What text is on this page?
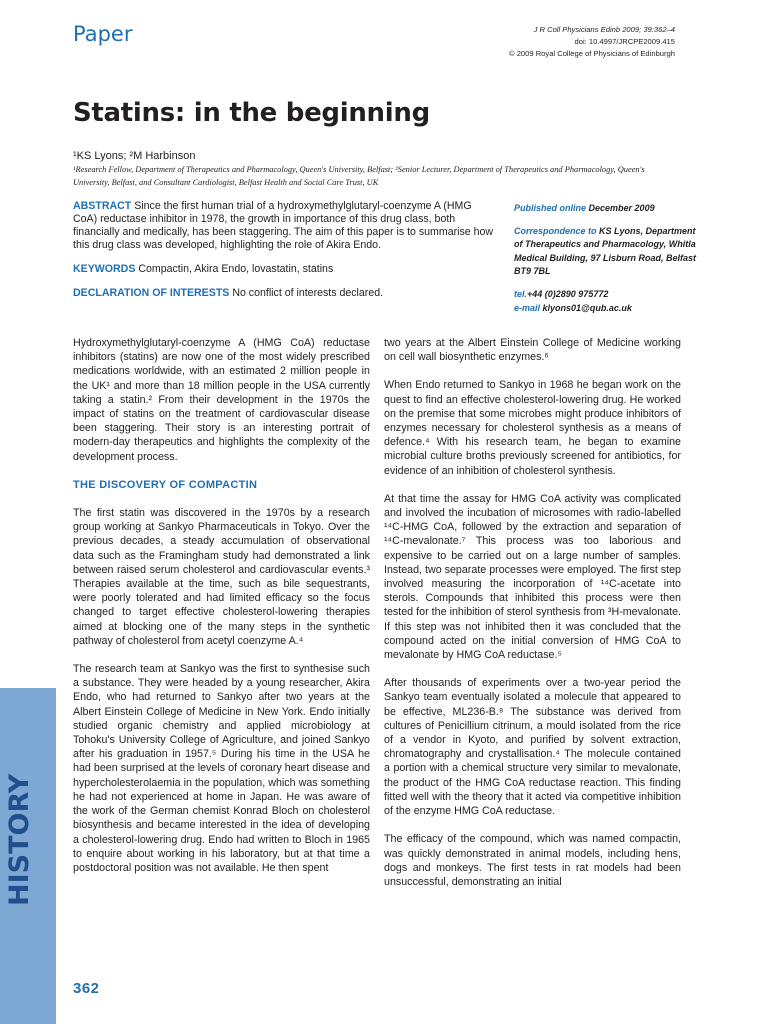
Paper	J R Coll Physicians Edinb 2009; 39:362–4
doi: 10.4997/JRCPE2009.415
© 2009 Royal College of Physicians of Edinburgh
Statins: in the beginning
¹KS Lyons; ²M Harbinson
¹Research Fellow, Department of Therapeutics and Pharmacology, Queen's University, Belfast; ²Senior Lecturer, Department of Therapeutics and Pharmacology, Queen's University, Belfast, and Consultant Cardiologist, Belfast Health and Social Care Trust, UK

ABSTRACT Since the first human trial of a hydroxymethylglutaryl-coenzyme A (HMG CoA) reductase inhibitor in 1978, the growth in importance of this drug class, both financially and medically, has been staggering. The aim of this paper is to summarise how this drug class was developed, highlighting the role of Akira Endo.

KEYWORDS Compactin, Akira Endo, lovastatin, statins

DECLARATION OF INTERESTS No conflict of interests declared.

Published online December 2009

Correspondence to KS Lyons, Department of Therapeutics and Pharmacology, Whitla Medical Building, 97 Lisburn Road, Belfast BT9 7BL

tel.+44 (0)2890 975772
e-mail klyons01@qub.ac.uk

Hydroxymethylglutaryl-coenzyme A (HMG CoA) reductase inhibitors (statins) are now one of the most widely prescribed medications worldwide, with an estimated 2 million people in the UK¹ and more than 18 million people in the USA currently taking a statin.² From their development in the 1970s the impact of statins on the treatment of cardiovascular disease been staggering. Their story is an interesting portrait of modern-day therapeutics and highlights the complexity of the development process.

THE DISCOVERY OF COMPACTIN

The first statin was discovered in the 1970s by a research group working at Sankyo Pharmaceuticals in Tokyo. Over the previous decades, a steady accumulation of observational data such as the Framingham study had demonstrated a link between raised serum cholesterol and cardiovascular events.³ Therapies available at the time, such as bile sequestrants, were poorly tolerated and had limited efficacy so the focus changed to target effective cholesterol-lowering therapies aimed at blocking one of the many steps in the synthetic pathway of cholesterol from acetyl coenzyme A.⁴

The research team at Sankyo was the first to synthesise such a substance. They were headed by a young researcher, Akira Endo, who had returned to Sankyo after two years at the Albert Einstein College of Medicine in New York. Endo initially studied organic chemistry and applied microbiology at Tohoku's University College of Agriculture, and joined Sankyo after his graduation in 1957.⁵ During his time in the USA he had been surprised at the levels of coronary heart disease and hypercholesterolaemia in the population, which was something he had not experienced at home in Japan. He was aware of the work of the German chemist Konrad Bloch on cholesterol biosynthesis and became interested in the idea of developing a cholesterol-lowering drug. Endo had written to Bloch in 1965 to enquire about working in his laboratory, but at that time a postdoctoral position was not available. He then spent

two years at the Albert Einstein College of Medicine working on cell wall biosynthetic enzymes.⁶

When Endo returned to Sankyo in 1968 he began work on the quest to find an effective cholesterol-lowering drug. He worked on the premise that some microbes might produce inhibitors of enzymes necessary for cholesterol synthesis as a means of defence.⁴ With his research team, he began to examine microbial culture broths previously screened for antibiotics, for evidence of an inhibition of cholesterol synthesis.

At that time the assay for HMG CoA activity was complicated and involved the incubation of microsomes with radio-labelled ¹⁴C-HMG CoA, followed by the extraction and separation of ¹⁴C-mevalonate.⁷ This process was too laborious and expensive to be carried out on a large number of samples. Instead, two separate processes were employed. The first step involved measuring the incorporation of ¹⁴C-acetate into sterols. Compounds that inhibited this process were then tested for the inhibition of sterol synthesis from ³H-mevalonate. If this step was not inhibited then it was concluded that the compound acted on the initial conversion of HMG CoA to mevalonate by HMG CoA reductase.⁵

After thousands of experiments over a two-year period the Sankyo team eventually isolated a molecule that appeared to be effective, ML236-B.⁸ The substance was derived from cultures of Penicillium citrinum, a mould isolated from the rice of a vendor in Kyoto, and purified by solvent extraction, chromatography and crystallisation.⁴ The molecule contained a portion with a chemical structure very similar to mevalonate, the product of the HMG CoA reductase reaction. This finding fitted well with the theory that it acted via competitive inhibition of the enzyme HMG CoA reductase.

The efficacy of the compound, which was named compactin, was quickly demonstrated in animal models, including hens, dogs and monkeys. The first tests in rat models had been unsuccessful, demonstrating an initial

HISTORY
362
